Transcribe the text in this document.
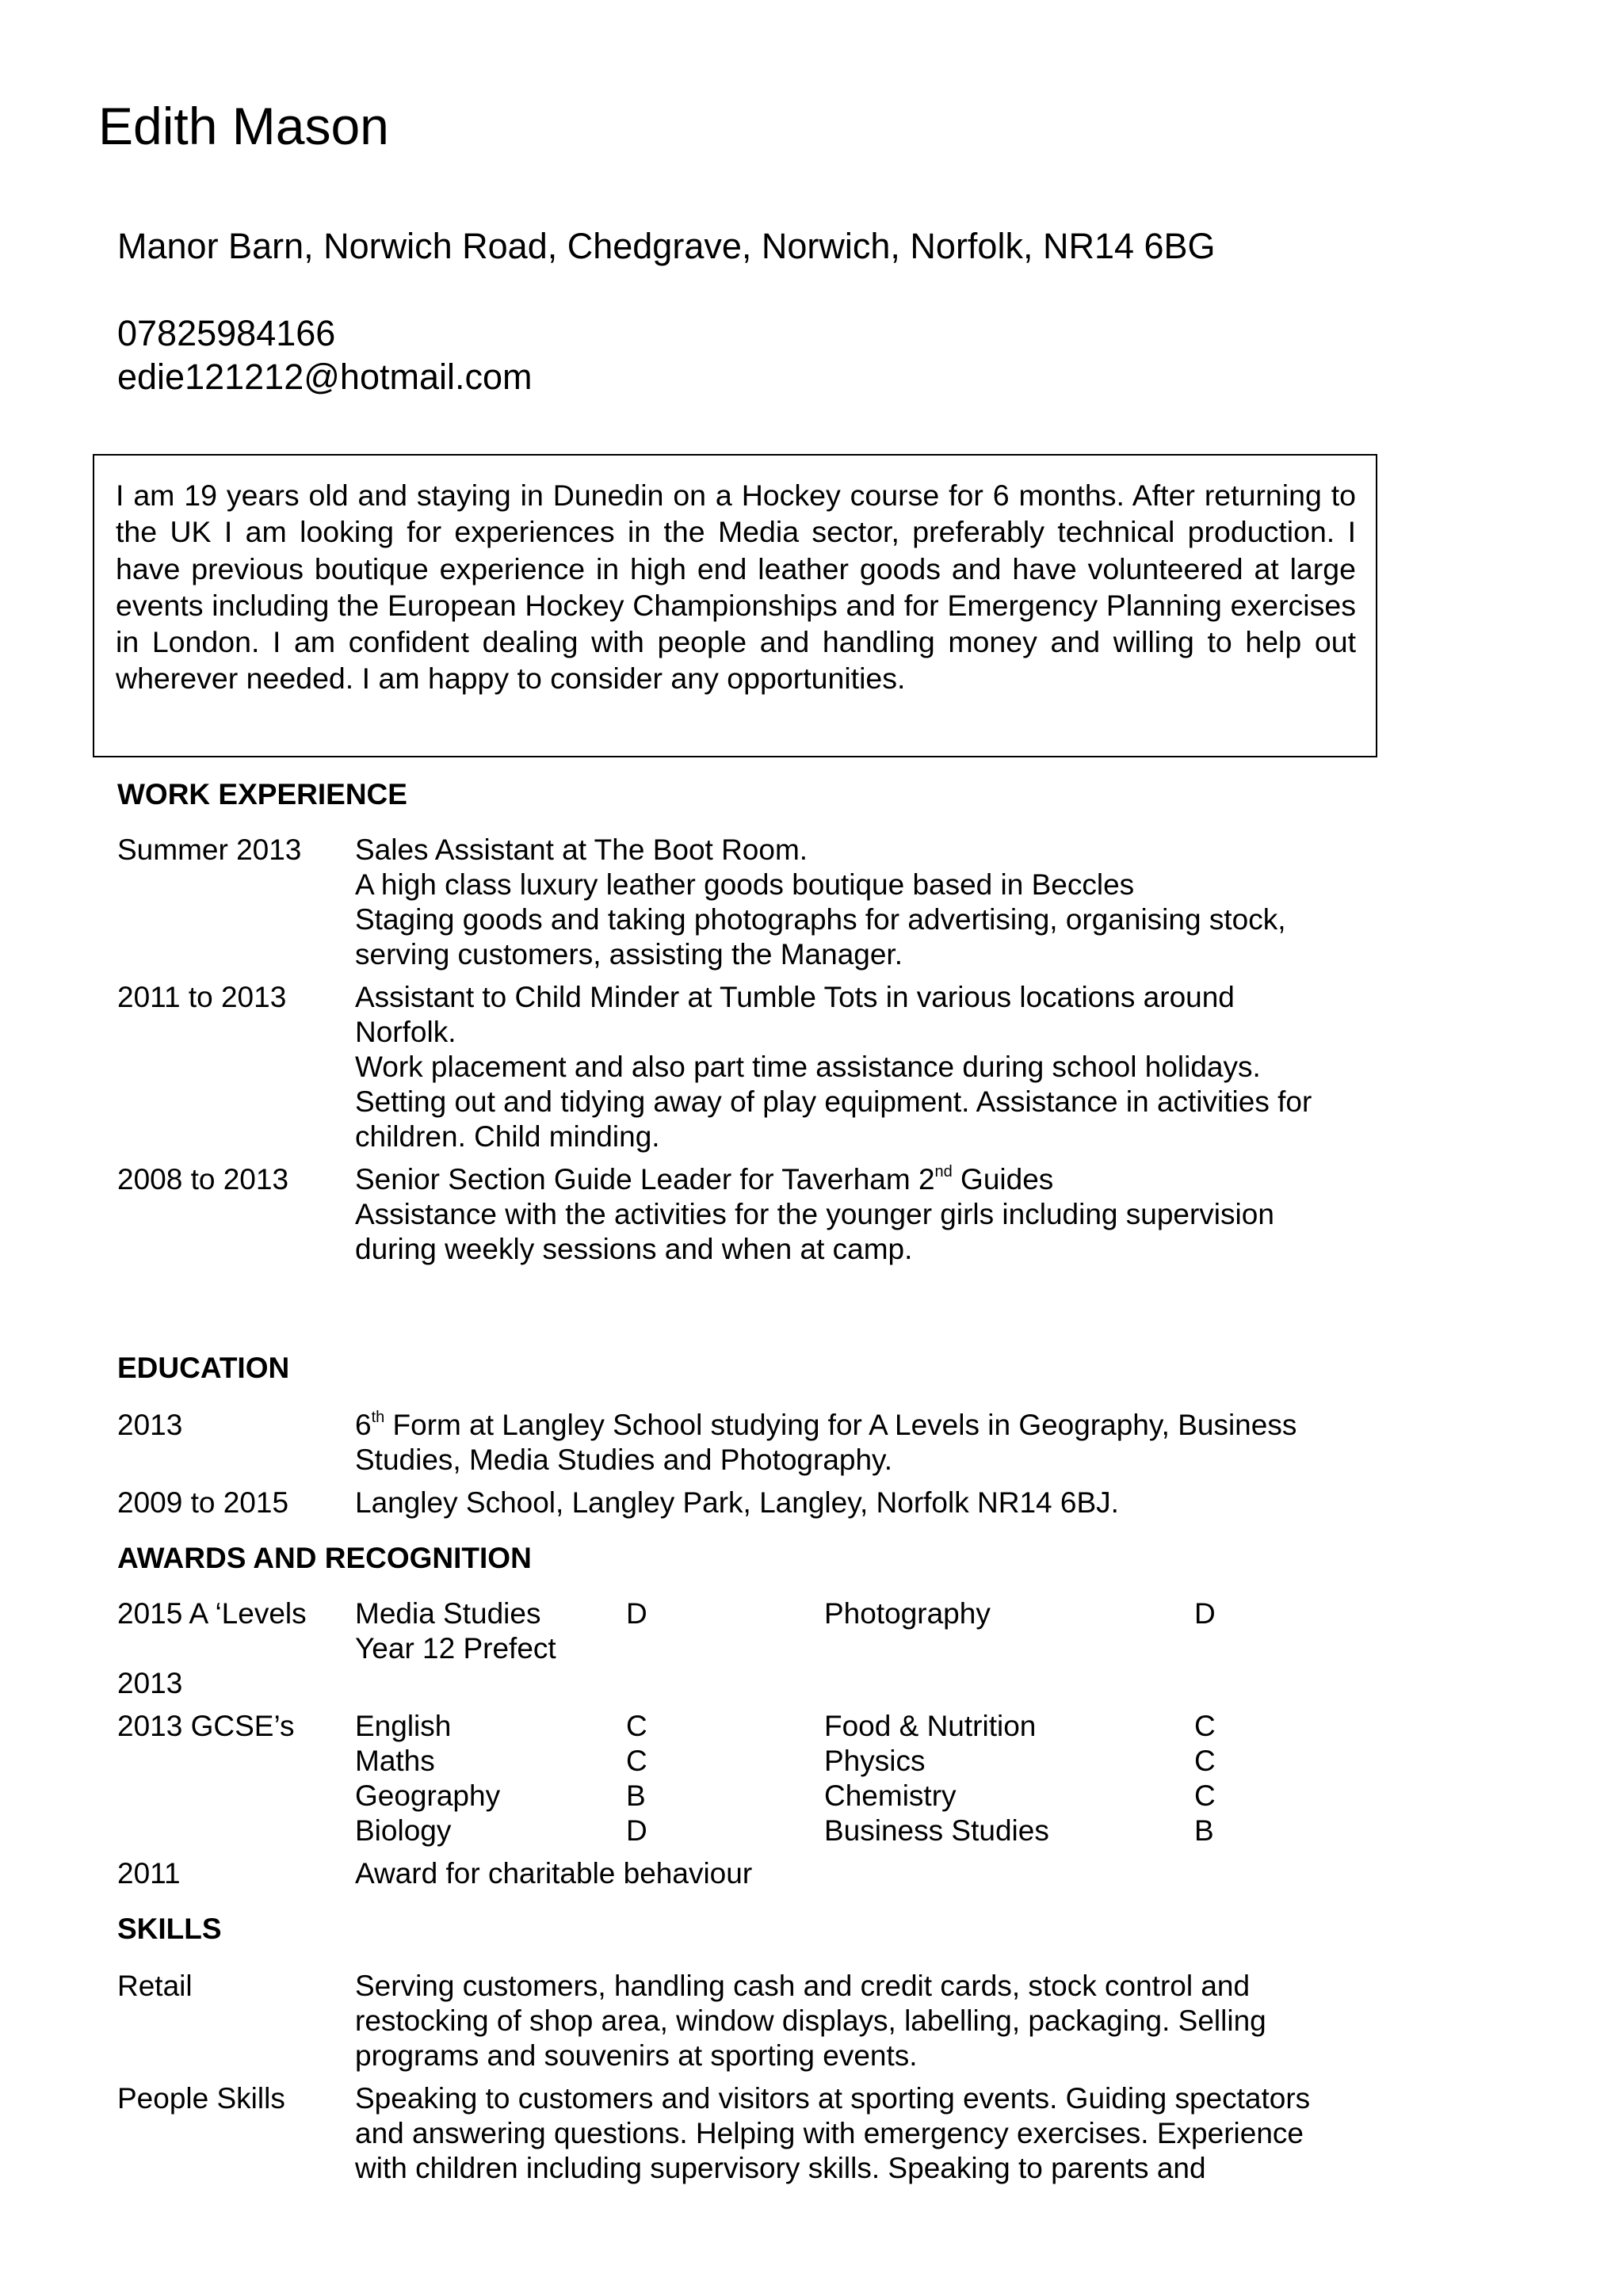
Edith Mason
Manor Barn, Norwich Road, Chedgrave, Norwich, Norfolk, NR14 6BG
07825984166
edie121212@hotmail.com
I am 19 years old and staying in Dunedin on a Hockey course for 6 months. After returning to the UK I am looking for experiences in the Media sector, preferably technical production. I have previous boutique experience in high end leather goods and have volunteered at large events including the European Hockey Championships and for Emergency Planning exercises in London. I am confident dealing with people and handling money and willing to help out wherever needed. I am happy to consider any opportunities.
WORK EXPERIENCE
Summer 2013 Sales Assistant at The Boot Room.
A high class luxury leather goods boutique based in Beccles
Staging goods and taking photographs for advertising, organising stock,
serving customers, assisting the Manager.
2011 to 2013 Assistant to Child Minder at Tumble Tots in various locations around
Norfolk.
Work placement and also part time assistance during school holidays.
Setting out and tidying away of play equipment. Assistance in activities for
children. Child minding.
2008 to 2013 Senior Section Guide Leader for Taverham 2nd Guides
Assistance with the activities for the younger girls including supervision
during weekly sessions and when at camp.
EDUCATION
2013	6th Form at Langley School studying for A Levels in Geography, Business
Studies, Media Studies and Photography.
2009 to 2015 Langley School, Langley Park, Langley, Norfolk NR14 6BJ.
AWARDS AND RECOGNITION
2015 A ‘Levels Media Studies	D	Photography	D
Year 12 Prefect
2013
2013 GCSE’s English	C	Food & Nutrition	C
Maths	C	Physics	C
Geography	B	Chemistry	C
Biology	D	Business Studies	B
2011	Award for charitable behaviour
SKILLS
Retail	Serving customers, handling cash and credit cards, stock control and
restocking of shop area, window displays, labelling, packaging. Selling
programs and souvenirs at sporting events.
People Skills Speaking to customers and visitors at sporting events. Guiding spectators
and answering questions. Helping with emergency exercises. Experience
with children including supervisory skills. Speaking to parents and
